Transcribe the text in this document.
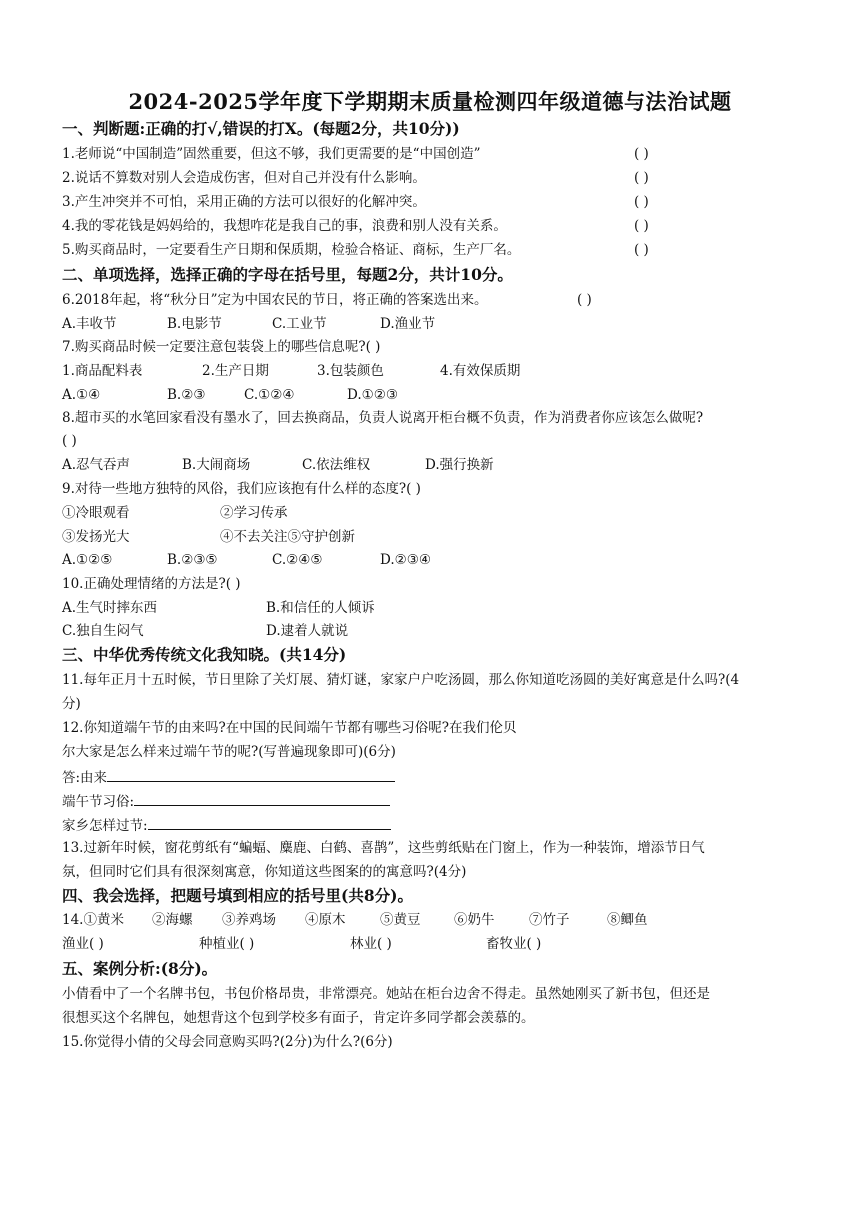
2024-2025学年度下学期期末质量检测四年级道德与法治试题
一、判断题:正确的打√,错误的打X。(每题2分，共10分))
1.老师说“中国制造”固然重要，但这不够，我们更需要的是“中国创造”	( )
2.说话不算数对别人会造成伤害，但对自己并没有什么影响。	( )
3.产生冲突并不可怕，采用正确的方法可以很好的化解冲突。	( )
4.我的零花钱是妈妈给的，我想咋花是我自己的事，浪费和别人没有关系。	( )
5.购买商品时，一定要看生产日期和保质期，检验合格证、商标，生产厂名。	( )
二、单项选择，选择正确的字母在括号里，每题2分，共计10分。
6.2018年起，将“秋分日”定为中国农民的节日，将正确的答案选出来。	( )
A.丰收节	B.电影节	C.工业节	D.渔业节
7.购买商品时候一定要注意包装袋上的哪些信息呢?( )
1.商品配料表	2.生产日期	3.包装颜色	4.有效保质期
A.①④	B.②③	C.①②④	D.①②③
8.超市买的水笔回家看没有墨水了，回去换商品，负责人说离开柜台概不负责，作为消费者你应该怎么做呢?
( )
A.忍气吞声	B.大闹商场	C.依法维权	D.强行换新
9.对待一些地方独特的风俗，我们应该抱有什么样的态度?( )
①冷眼观看	②学习传承
③发扬光大	④不去关注⑤守护创新
A.①②⑤	B.②③⑤	C.②④⑤	D.②③④
10.正确处理情绪的方法是?( )
A.生气时摔东西	B.和信任的人倾诉
C.独自生闷气	D.逮着人就说
三、中华优秀传统文化我知晓。(共14分)
11.每年正月十五时候，节日里除了关灯展、猜灯谜，家家户户吃汤圆，那么你知道吃汤圆的美好寓意是什么吗?(4
分)
12.你知道端午节的由来吗?在中国的民间端午节都有哪些习俗呢?在我们伦贝
尔大家是怎么样来过端午节的呢?(写普遍现象即可)(6分)
答:由来
端午节习俗:
家乡怎样过节:
13.过新年时候，窗花剪纸有“蝙蝠、麋鹿、白鹤、喜鹊”，这些剪纸贴在门窗上，作为一种装饰，增添节日气
氛，但同时它们具有很深刻寓意，你知道这些图案的的寓意吗?(4分)
四、我会选择，把题号填到相应的括号里(共8分)。
14.①黄米 ②海螺 ③养鸡场 ④原木	⑤黄豆 ⑥奶牛	⑦竹子	⑧鲫鱼
渔业( )	种植业( )	林业( )	畜牧业( )
五、案例分析:(8分)。
小倩看中了一个名牌书包，书包价格昂贵，非常漂亮。她站在柜台边舍不得走。虽然她刚买了新书包，但还是
很想买这个名牌包，她想背这个包到学校多有面子，肯定许多同学都会羡慕的。
15.你觉得小倩的父母会同意购买吗?(2分)为什么?(6分)
